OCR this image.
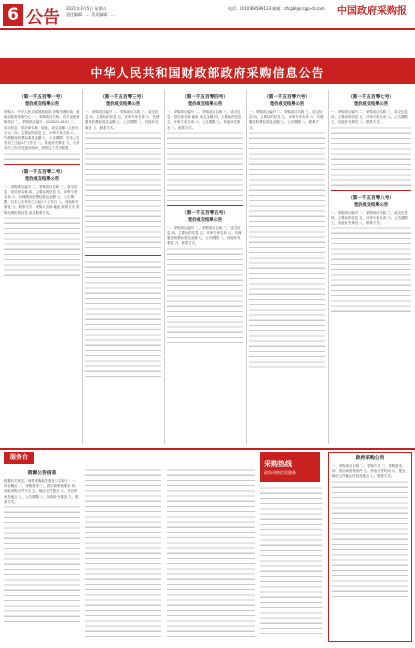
6 公告 2021年3月5日 星期五
责任编辑：... 美术编辑：...
电话：(010)68589133 邮箱：zfcgbl@ccgp-dl.com 中国政府采购报
中华人民共和国财政部政府采购信息公告
（第一千五百零一号）
竞价成交结果公告

采购人：中华人民共和国财政部 采购代理机构：财政部政府采购中心 一、采购项目名称：有关设备采购项目 二、采购项目编号：CG2021-0101 三、成交信息：供应商名称、地址、成交金额（人民币万元）四、主要标的信息 五、评审专家名单 六、代理服务收费标准及金额 七、公告期限：自本公告发布之日起1个工作日 八、其他补充事宜 九、凡对本次公告内容提出询问，请按以下方式联系。

（第一千五百零二号）
竞价成交结果公告

一、采购项目编号 二、采购项目名称 三、成交信息：供应商名称 四、主要标的信息 五、评审专家名单 六、代理服务收费标准及金额 七、公告期限：自本公告发布之日起1个工作日 八、其他补充事宜 九、联系方式：采购人名称 地址 联系方式 采购代理机构信息 项目联系方式。

（第一千五百零三号）
竞价成交结果公告

一、采购项目编号 二、采购项目名称 三、成交信息 四、主要标的信息 五、评审专家名单 六、代理服务收费标准及金额 七、公告期限 八、其他补充事宜 九、联系方式。

（第一千五百零四号）
竞价成交结果公告

一、采购项目编号 二、采购项目名称 三、成交信息：供应商名称 地址 成交金额 四、主要标的信息 五、评审专家名单 六、公告期限 七、其他补充事宜 八、联系方式。

（第一千五百零五号）
竞价成交结果公告

一、采购项目编号 二、采购项目名称 三、成交信息 四、主要标的信息 五、评审专家名单 六、代理服务收费标准及金额 七、公告期限 八、其他补充事宜 九、联系方式。

（第一千五百零六号）
竞价成交结果公告

一、采购项目编号 二、采购项目名称 三、成交信息 四、主要标的信息 五、评审专家名单 六、代理服务收费标准及金额 七、公告期限 八、联系方式。

（第一千五百零七号）
竞价成交结果公告

一、采购项目编号 二、采购项目名称 三、成交信息 四、主要标的信息 五、评审专家名单 六、公告期限 七、其他补充事宜 八、联系方式。

（第一千五百零八号）
竞价成交结果公告

一、采购项目编号 二、采购项目名称 三、成交信息 四、主要标的信息 五、评审专家名单 六、公告期限 七、其他补充事宜 八、联系方式。

服务台
资源公告信息

根据有关规定，现将采购相关事宜公告如下：一、项目概况 二、采购需求 三、供应商资格要求 四、获取采购文件方式 五、响应文件提交 六、开启时间及地点 七、公告期限 八、其他补充事宜 九、联系方式。

采购热线
政府采购信息服务
政府采购公告

一、采购项目名称 二、采购方式 三、采购需求 四、供应商资格条件 五、获取文件时间 六、提交响应文件截止时间及地点 七、联系方式。
